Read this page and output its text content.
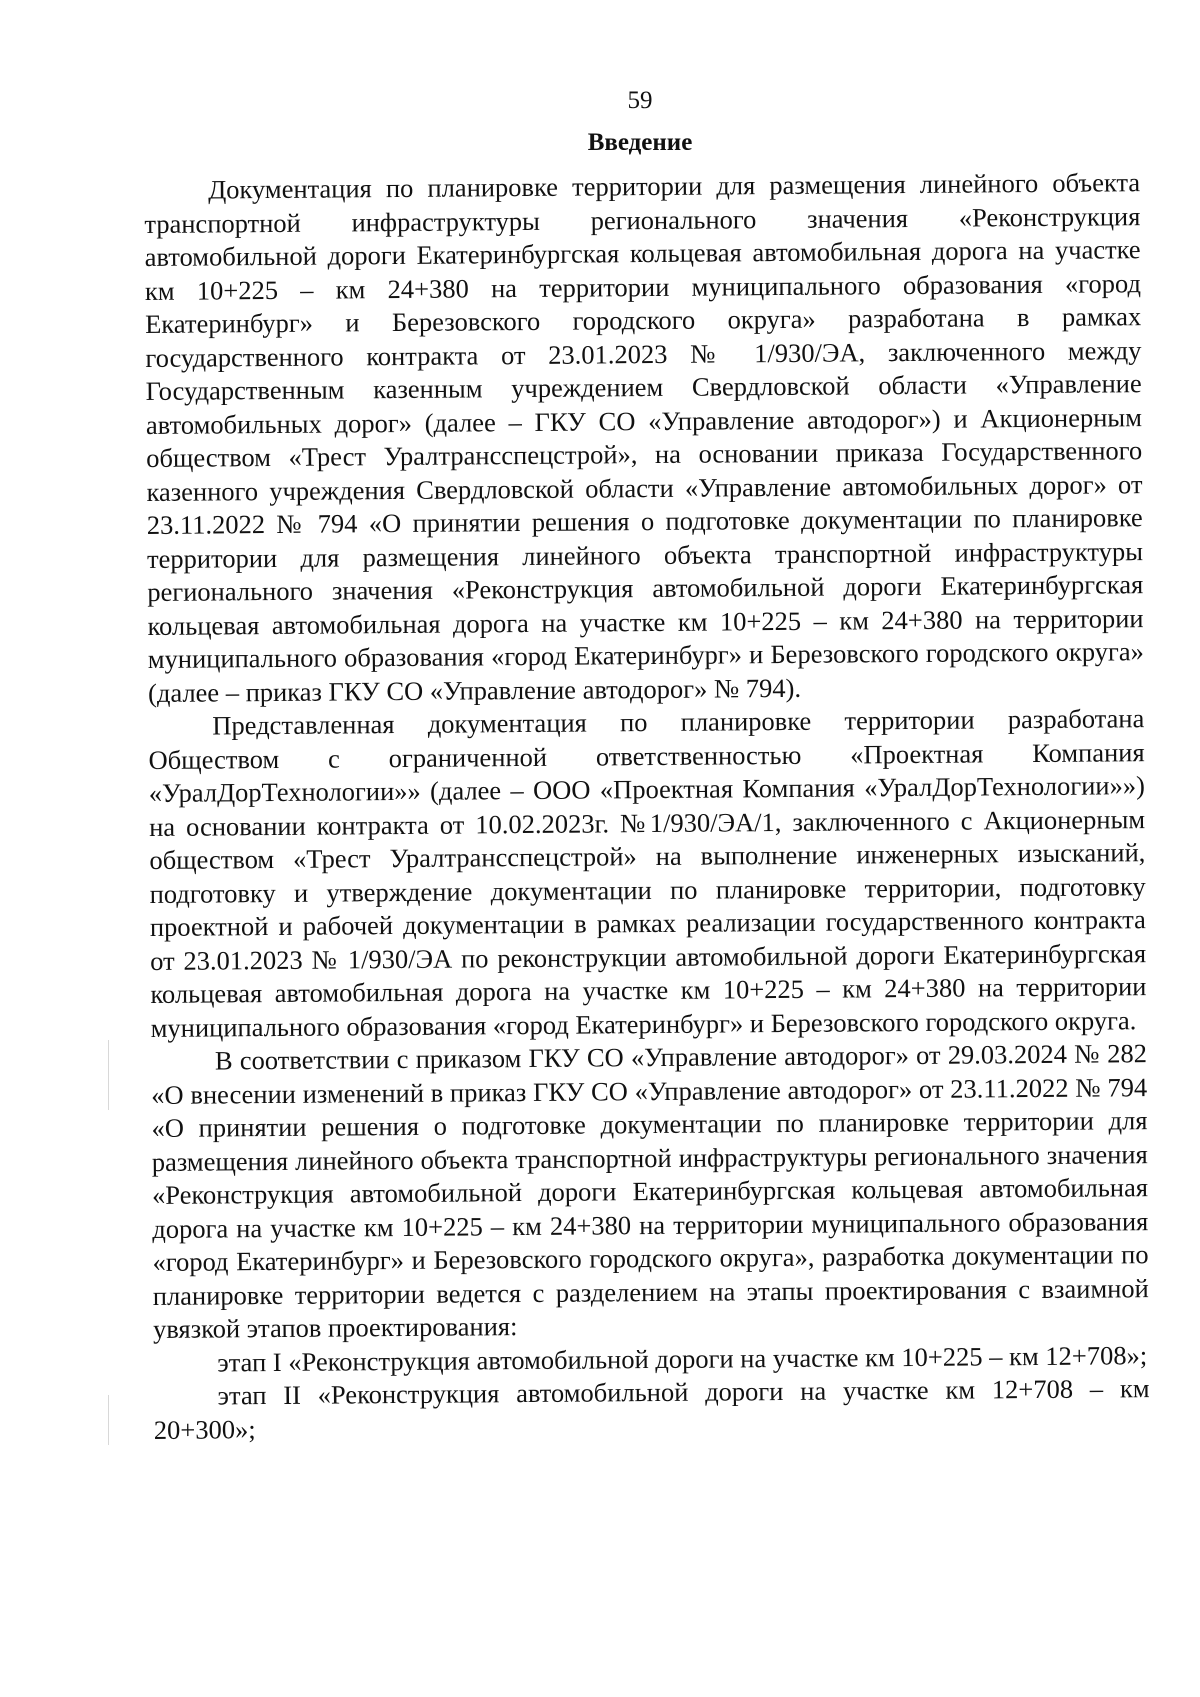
59
Введение

Документация по планировке территории для размещения линейного объекта транспортной инфраструктуры регионального значения «Реконструкция автомобильной дороги Екатеринбургская кольцевая автомобильная дорога на участке км 10+225 – км 24+380 на территории муниципального образования «город Екатеринбург» и Березовского городского округа» разработана в рамках государственного контракта от 23.01.2023 № 1/930/ЭА, заключенного между Государственным казенным учреждением Свердловской области «Управление автомобильных дорог» (далее – ГКУ СО «Управление автодорог») и Акционерным обществом «Трест Уралтрансспецстрой», на основании приказа Государственного казенного учреждения Свердловской области «Управление автомобильных дорог» от 23.11.2022 № 794 «О принятии решения о подготовке документации по планировке территории для размещения линейного объекта транспортной инфраструктуры регионального значения «Реконструкция автомобильной дороги Екатеринбургская кольцевая автомобильная дорога на участке км 10+225 – км 24+380 на территории муниципального образования «город Екатеринбург» и Березовского городского округа» (далее – приказ ГКУ СО «Управление автодорог» № 794).

Представленная документация по планировке территории разработана Обществом с ограниченной ответственностью «Проектная Компания «УралДорТехнологии»» (далее – ООО «Проектная Компания «УралДорТехнологии»») на основании контракта от 10.02.2023г. №1/930/ЭА/1, заключенного с Акционерным обществом «Трест Уралтрансспецстрой» на выполнение инженерных изысканий, подготовку и утверждение документации по планировке территории, подготовку проектной и рабочей документации в рамках реализации государственного контракта от 23.01.2023 № 1/930/ЭА по реконструкции автомобильной дороги Екатеринбургская кольцевая автомобильная дорога на участке км 10+225 – км 24+380 на территории муниципального образования «город Екатеринбург» и Березовского городского округа.

В соответствии с приказом ГКУ СО «Управление автодорог» от 29.03.2024 № 282 «О внесении изменений в приказ ГКУ СО «Управление автодорог» от 23.11.2022 № 794 «О принятии решения о подготовке документации по планировке территории для размещения линейного объекта транспортной инфраструктуры регионального значения «Реконструкция автомобильной дороги Екатеринбургская кольцевая автомобильная дорога на участке км 10+225 – км 24+380 на территории муниципального образования «город Екатеринбург» и Березовского городского округа», разработка документации по планировке территории ведется с разделением на этапы проектирования с взаимной увязкой этапов проектирования:

этап I «Реконструкция автомобильной дороги на участке км 10+225 – км 12+708»;

этап II «Реконструкция автомобильной дороги на участке км 12+708 – км 20+300»;
